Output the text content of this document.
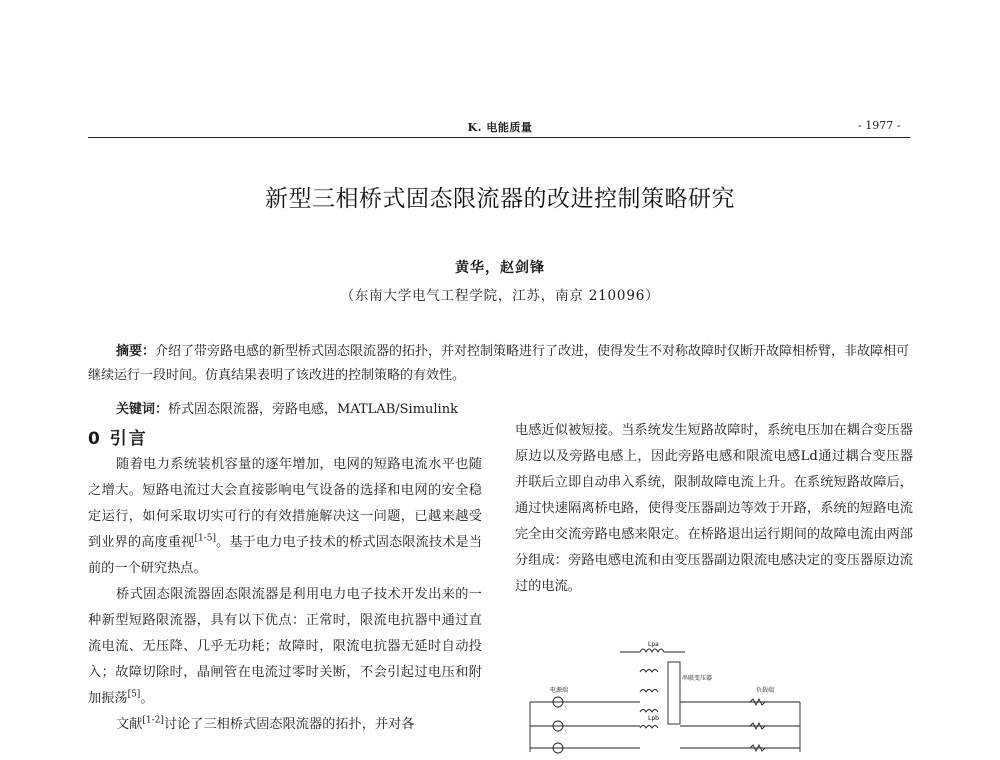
K. 电能质量	- 1977 -
新型三相桥式固态限流器的改进控制策略研究
黄华，赵剑锋
（东南大学电气工程学院，江苏，南京 210096）
摘要：介绍了带旁路电感的新型桥式固态限流器的拓扑，并对控制策略进行了改进，使得发生不对称故障时仅断开故障相桥臂，非故障相可继续运行一段时间。仿真结果表明了该改进的控制策略的有效性。
关键词：桥式固态限流器，旁路电感，MATLAB/Simulink
0 引言

随着电力系统装机容量的逐年增加，电网的短路电流水平也随之增大。短路电流过大会直接影响电气设备的选择和电网的安全稳定运行，如何采取切实可行的有效措施解决这一问题，已越来越受到业界的高度重视[1-5]。基于电力电子技术的桥式固态限流技术是当前的一个研究热点。

桥式固态限流器固态限流器是利用电力电子技术开发出来的一种新型短路限流器，具有以下优点：正常时，限流电抗器中通过直流电流、无压降、几乎无功耗；故障时，限流电抗器无延时自动投入；故障切除时，晶闸管在电流过零时关断，不会引起过电压和附加振荡[5]。

文献[1-2]讨论了三相桥式固态限流器的拓扑，并对各

电感近似被短接。当系统发生短路故障时，系统电压加在耦合变压器原边以及旁路电感上，因此旁路电感和限流电感Ld通过耦合变压器并联后立即自动串入系统，限制故障电流上升。在系统短路故障后，通过快速隔离桥电路，使得变压器副边等效于开路，系统的短路电流完全由交流旁路电感来限定。在桥路退出运行期间的故障电流由两部分组成：旁路电感电流和由变压器副边限流电感决定的变压器原边流过的电流。

电源端	负载端
Lpa
Lpb
串联变压器
